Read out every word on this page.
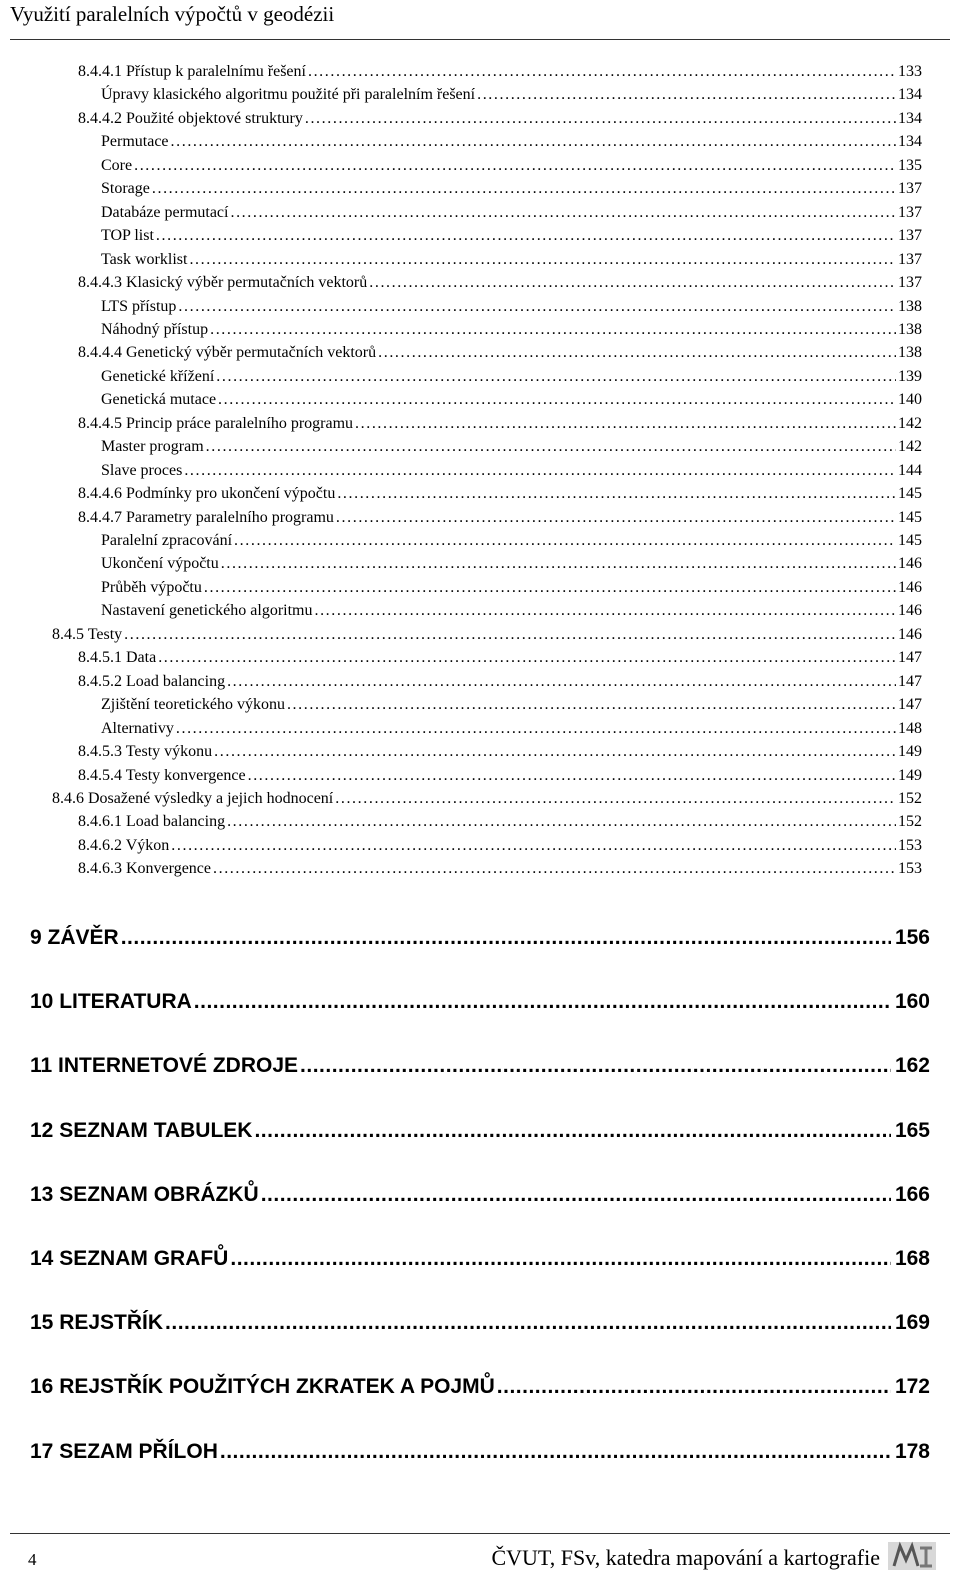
Využití paralelních výpočtů v geodézii
8.4.4.1 Přístup k paralelnímu řešení .....	133
Úpravy klasického algoritmu použité při paralelním řešení .....	134
8.4.4.2 Použité objektové struktury .....	134
Permutace .....	134
Core .....	135
Storage .....	137
Databáze permutací .....	137
TOP list .....	137
Task worklist .....	137
8.4.4.3 Klasický výběr permutačních vektorů .....	137
LTS přístup .....	138
Náhodný přístup .....	138
8.4.4.4 Genetický výběr permutačních vektorů .....	138
Genetické křížení .....	139
Genetická mutace .....	140
8.4.4.5 Princip práce paralelního programu .....	142
Master program .....	142
Slave proces .....	144
8.4.4.6 Podmínky pro ukončení výpočtu .....	145
8.4.4.7 Parametry paralelního programu .....	145
Paralelní zpracování .....	145
Ukončení výpočtu .....	146
Průběh výpočtu .....	146
Nastavení genetického algoritmu .....	146
8.4.5 Testy .....	146
8.4.5.1 Data .....	147
8.4.5.2 Load balancing .....	147
Zjištění teoretického výkonu .....	147
Alternativy .....	148
8.4.5.3 Testy výkonu .....	149
8.4.5.4 Testy konvergence .....	149
8.4.6 Dosažené výsledky a jejich hodnocení .....	152
8.4.6.1 Load balancing .....	152
8.4.6.2 Výkon .....	153
8.4.6.3 Konvergence .....	153
9 ZÁVĚR .....	156
10 LITERATURA .....	160
11 INTERNETOVÉ ZDROJE .....	162
12 SEZNAM TABULEK .....	165
13 SEZNAM OBRÁZKŮ .....	166
14 SEZNAM GRAFŮ .....	168
15 REJSTŘÍK .....	169
16 REJSTŘÍK POUŽITÝCH ZKRATEK A POJMŮ .....	172
17 SEZAM PŘÍLOH .....	178
4	ČVUT, FSv, katedra mapování a kartografie
